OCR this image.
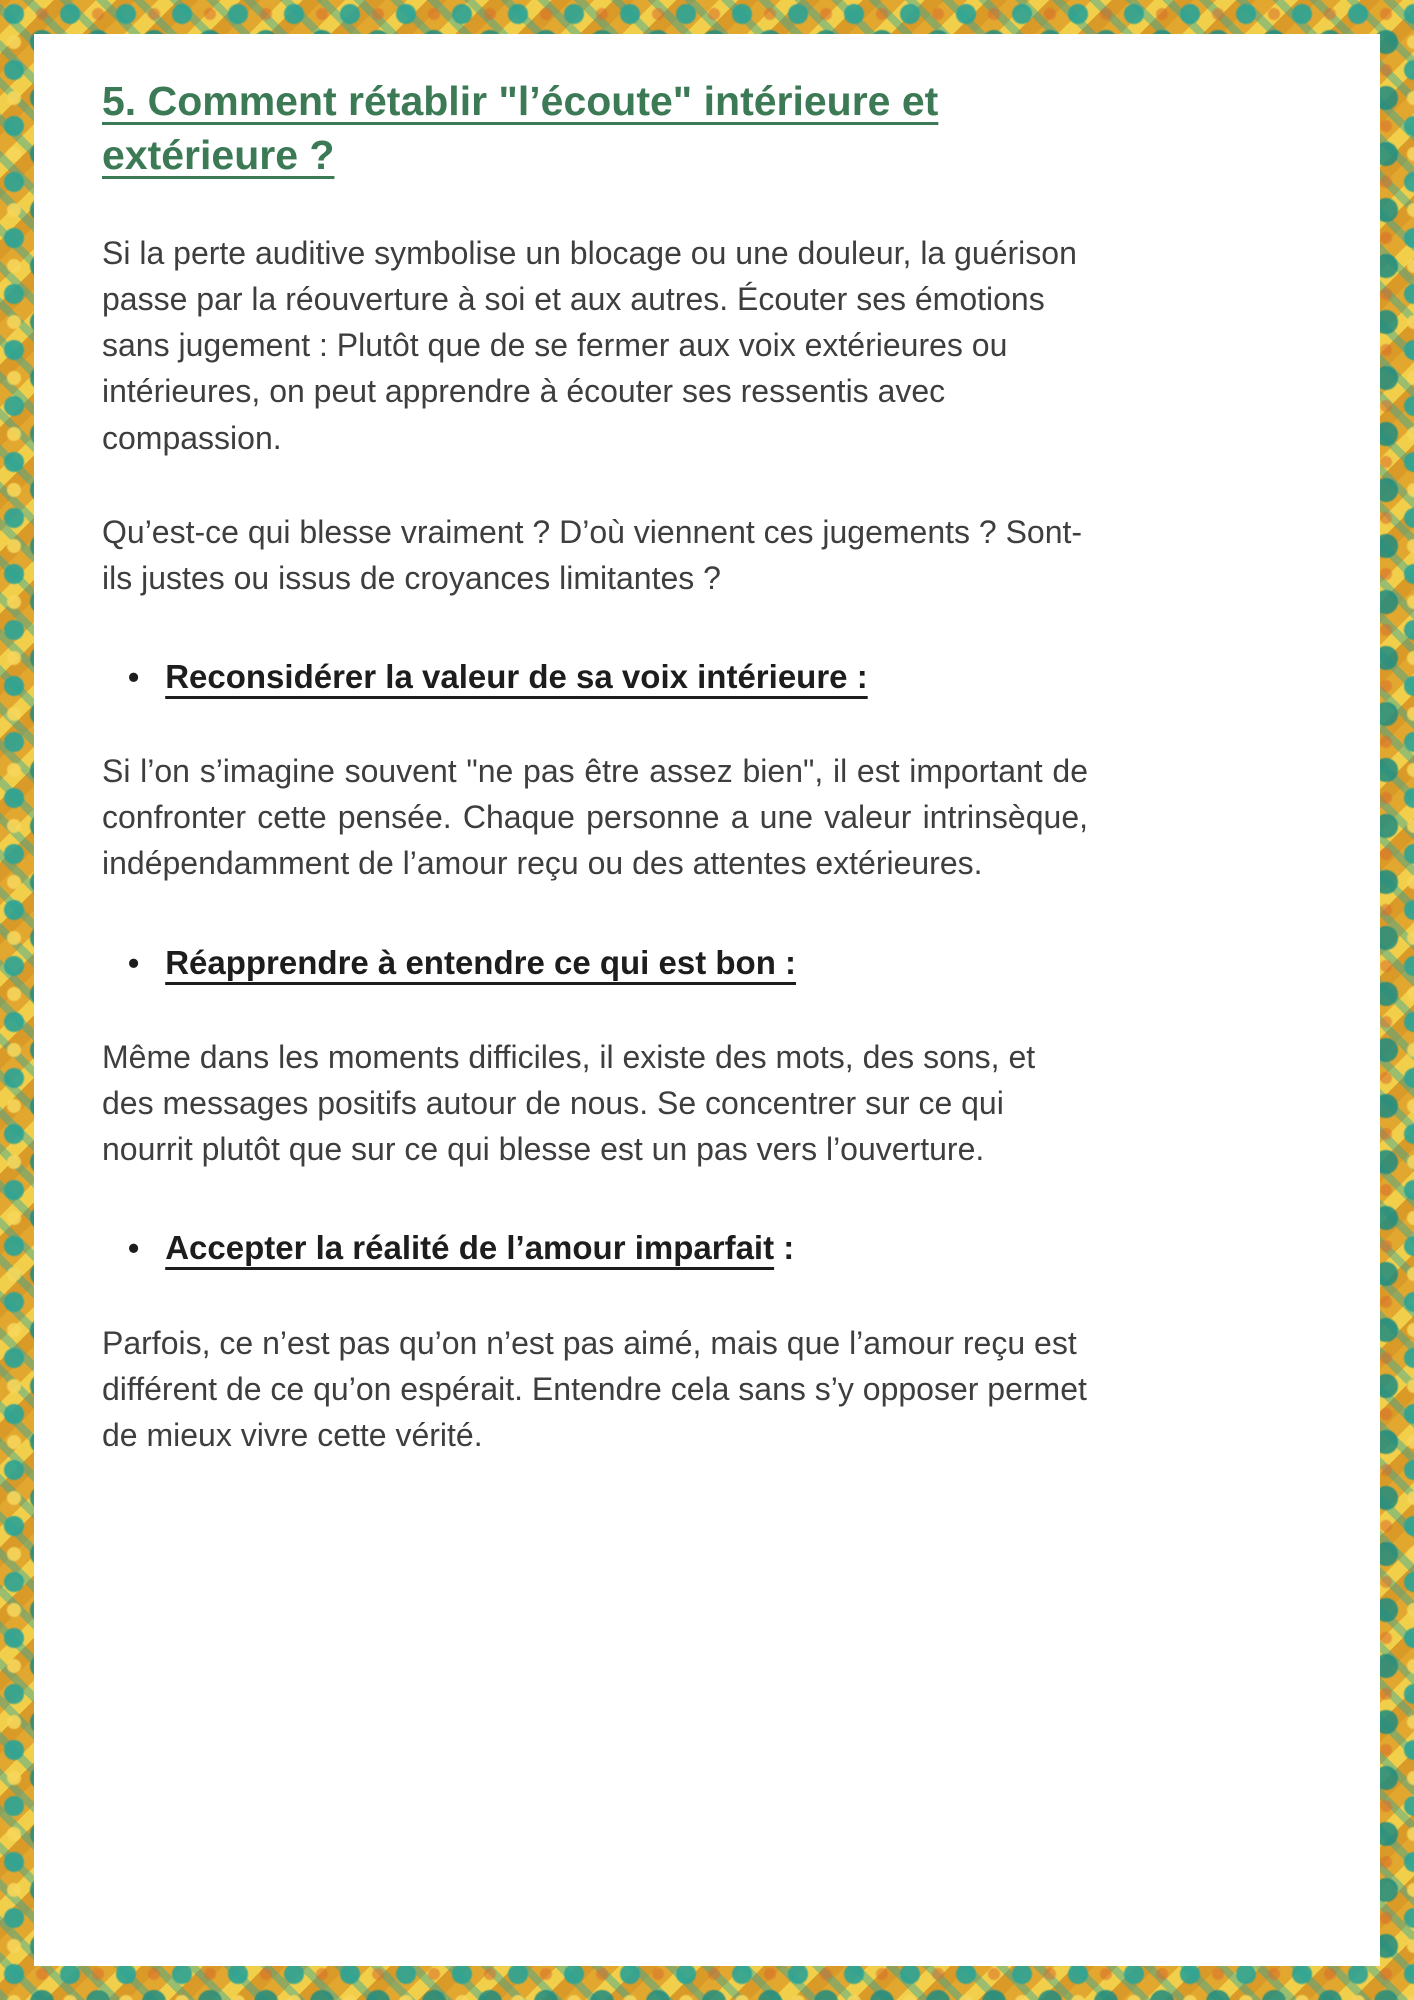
5. Comment rétablir "l’écoute" intérieure et extérieure ?

Si la perte auditive symbolise un blocage ou une douleur, la guérison passe par la réouverture à soi et aux autres. Écouter ses émotions sans jugement : Plutôt que de se fermer aux voix extérieures ou intérieures, on peut apprendre à écouter ses ressentis avec compassion.

Qu’est-ce qui blesse vraiment ? D’où viennent ces jugements ? Sont-ils justes ou issus de croyances limitantes ?

• Reconsidérer la valeur de sa voix intérieure :

Si l’on s’imagine souvent "ne pas être assez bien", il est important de confronter cette pensée. Chaque personne a une valeur intrinsèque, indépendamment de l’amour reçu ou des attentes extérieures.

• Réapprendre à entendre ce qui est bon :

Même dans les moments difficiles, il existe des mots, des sons, et des messages positifs autour de nous. Se concentrer sur ce qui nourrit plutôt que sur ce qui blesse est un pas vers l’ouverture.

• Accepter la réalité de l’amour imparfait :

Parfois, ce n’est pas qu’on n’est pas aimé, mais que l’amour reçu est différent de ce qu’on espérait. Entendre cela sans s’y opposer permet de mieux vivre cette vérité.
